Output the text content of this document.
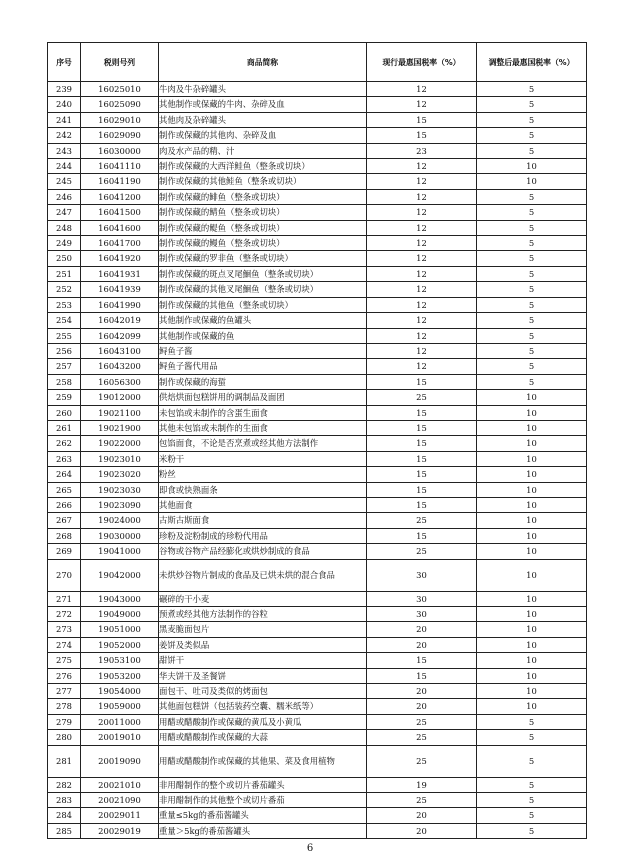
序号	税则号列	商品简称	现行最惠国税率（%）	调整后最惠国税率（%）
239	16025010	牛肉及牛杂碎罐头	12	5
240	16025090	其他制作或保藏的牛肉、杂碎及血	12	5
241	16029010	其他肉及杂碎罐头	15	5
242	16029090	制作或保藏的其他肉、杂碎及血	15	5
243	16030000	肉及水产品的精、汁	23	5
244	16041110	制作或保藏的大西洋鲑鱼（整条或切块）	12	10
245	16041190	制作或保藏的其他鲑鱼（整条或切块）	12	10
246	16041200	制作或保藏的鲱鱼（整条或切块）	12	5
247	16041500	制作或保藏的鲭鱼（整条或切块）	12	5
248	16041600	制作或保藏的鳀鱼（整条或切块）	12	5
249	16041700	制作或保藏的鳗鱼（整条或切块）	12	5
250	16041920	制作或保藏的罗非鱼（整条或切块）	12	5
251	16041931	制作或保藏的斑点叉尾鮰鱼（整条或切块）	12	5
252	16041939	制作或保藏的其他叉尾鮰鱼（整条或切块）	12	5
253	16041990	制作或保藏的其他鱼（整条或切块）	12	5
254	16042019	其他制作或保藏的鱼罐头	12	5
255	16042099	其他制作或保藏的鱼	12	5
256	16043100	鲟鱼子酱	12	5
257	16043200	鲟鱼子酱代用品	12	5
258	16056300	制作或保藏的海蜇	15	5
259	19012000	供焙烘面包糕饼用的调制品及面团	25	10
260	19021100	未包馅或未制作的含蛋生面食	15	10
261	19021900	其他未包馅或未制作的生面食	15	10
262	19022000	包馅面食，不论是否烹煮或经其他方法制作	15	10
263	19023010	米粉干	15	10
264	19023020	粉丝	15	10
265	19023030	即食或快熟面条	15	10
266	19023090	其他面食	15	10
267	19024000	古斯古斯面食	25	10
268	19030000	珍粉及淀粉制成的珍粉代用品	15	10
269	19041000	谷物或谷物产品经膨化或烘炒制成的食品	25	10
270	19042000	未烘炒谷物片制成的食品及已烘未烘的混合食品	30	10
271	19043000	碾碎的干小麦	30	10
272	19049000	预煮或经其他方法制作的谷粒	30	10
273	19051000	黑麦脆面包片	20	10
274	19052000	姜饼及类似品	20	10
275	19053100	甜饼干	15	10
276	19053200	华夫饼干及圣餐饼	15	10
277	19054000	面包干、吐司及类似的烤面包	20	10
278	19059000	其他面包糕饼（包括装药空囊、糯米纸等）	20	10
279	20011000	用醋或醋酸制作或保藏的黄瓜及小黄瓜	25	5
280	20019010	用醋或醋酸制作或保藏的大蒜	25	5
281	20019090	用醋或醋酸制作或保藏的其他果、菜及食用植物	25	5
282	20021010	非用醋制作的整个或切片番茄罐头	19	5
283	20021090	非用醋制作的其他整个或切片番茄	25	5
284	20029011	重量≤5kg的番茄酱罐头	20	5
285	20029019	重量＞5kg的番茄酱罐头	20	5
6
